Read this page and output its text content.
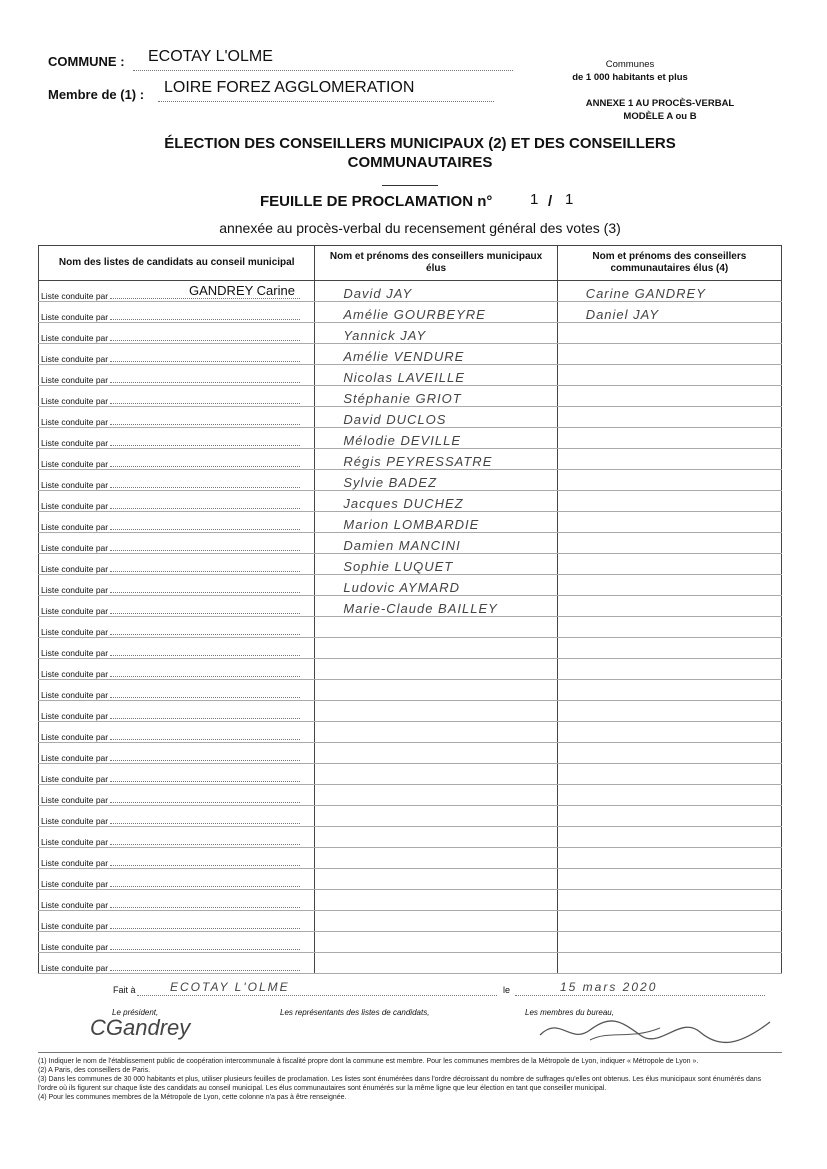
COMMUNE : ECOTAY L'OLME
Membre de (1) : LOIRE FOREZ AGGLOMERATION
Communes
de 1 000 habitants et plus
ANNEXE 1 AU PROCÈS-VERBAL
MODÈLE A ou B
ÉLECTION DES CONSEILLERS MUNICIPAUX (2) ET DES CONSEILLERS
COMMUNAUTAIRES
FEUILLE DE PROCLAMATION n°	1 / 1
annexée au procès-verbal du recensement général des votes (3)
Nom des listes de candidats au conseil municipal	Nom et prénoms des conseillers municipaux élus	Nom et prénoms des conseillers communautaires élus (4)
Liste conduite par GANDREY Carine	David JAY	Carine GANDREY
Liste conduite par	Amélie GOURBEYRE	Daniel JAY
Liste conduite par	Yannick JAY	
Liste conduite par	Amélie VENDURE	
Liste conduite par	Nicolas LAVEILLE	
Liste conduite par	Stéphanie GRIOT	
Liste conduite par	David DUCLOS	
Liste conduite par	Mélodie DEVILLE	
Liste conduite par	Régis PEYRESSATRE	
Liste conduite par	Sylvie BADEZ	
Liste conduite par	Jacques DUCHEZ	
Liste conduite par	Marion LOMBARDIE	
Liste conduite par	Damien MANCINI	
Liste conduite par	Sophie LUQUET	
Liste conduite par	Ludovic AYMARD	
Liste conduite par	Marie-Claude BAILLEY	
Liste conduite par		
Liste conduite par		
Liste conduite par		
Liste conduite par		
Liste conduite par		
Liste conduite par		
Liste conduite par		
Liste conduite par		
Liste conduite par		
Liste conduite par		
Liste conduite par		
Liste conduite par		
Liste conduite par		
Liste conduite par		
Liste conduite par		
Liste conduite par		
Liste conduite par		
Fait à	ECOTAY L'OLME	le	15 mars 2020
Le président,	Les représentants des listes de candidats,	Les membres du bureau,
CGandrey
(1) Indiquer le nom de l'établissement public de coopération intercommunale à fiscalité propre dont la commune est membre. Pour les communes membres de la Métropole de Lyon, indiquer « Métropole de Lyon ».
(2) A Paris, des conseillers de Paris.
(3) Dans les communes de 30 000 habitants et plus, utiliser plusieurs feuilles de proclamation. Les listes sont énumérées dans l'ordre décroissant du nombre de suffrages qu'elles ont obtenus. Les élus municipaux sont énumérés dans l'ordre où ils figurent sur chaque liste des candidats au conseil municipal. Les élus communautaires sont énumérés sur la même ligne que leur élection en tant que conseiller municipal.
(4) Pour les communes membres de la Métropole de Lyon, cette colonne n'a pas à être renseignée.
